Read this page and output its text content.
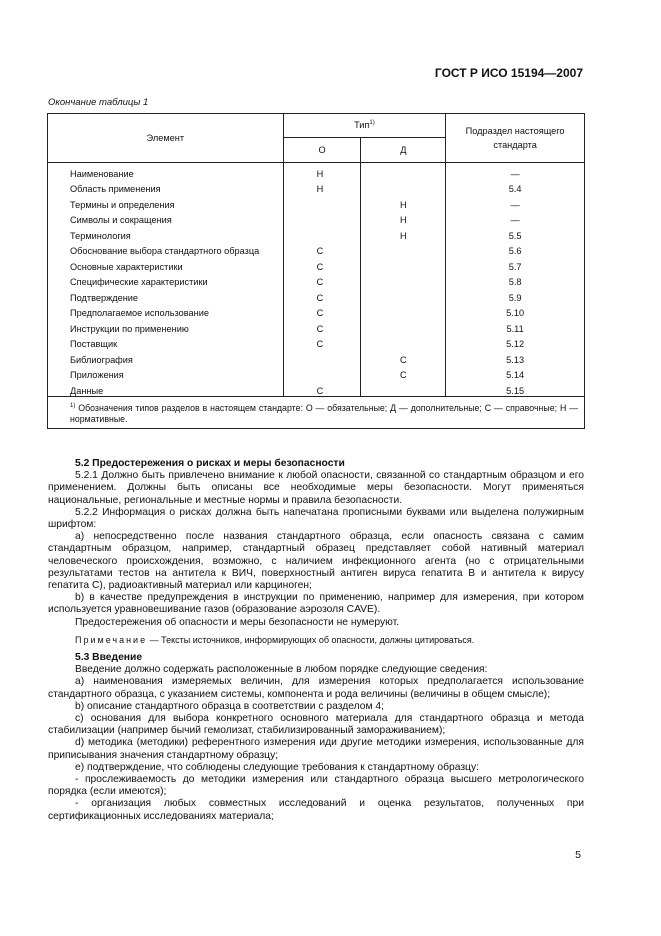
ГОСТ Р ИСО 15194—2007
Окончание таблицы 1
Элемент	Тип$^{1)}$		Подраздел настоящего
стандарта

	О	Д	
Наименование	Н		—
Область применения	Н		5.4
Термины и определения		Н	—
Символы и сокращения		Н	—
Терминология		Н	5.5
Обоснование выбора стандартного образца	С		5.6
Основные характеристики	С		5.7
Специфические характеристики	С		5.8
Подтверждение	С		5.9
Предполагаемое использование	С		5.10
Инструкции по применению	С		5.11
Поставщик	С		5.12
Библиография		С	5.13
Приложения		С	5.14
Данные	С		5.15
$^{1)}$ Обозначения типов разделов в настоящем стандарте: О — обязательные; Д — дополнительные; С — справочные; Н — нормативные.			

5.2 Предостережения о рисках и меры безопасности

5.2.1 Должно быть привлечено внимание к любой опасности, связанной со стандартным образцом и его применением. Должны быть описаны все необходимые меры безопасности. Могут применяться национальные, региональные и местные нормы и правила безопасности.

5.2.2 Информация о рисках должна быть напечатана прописными буквами или выделена полужирным шрифтом:

а) непосредственно после названия стандартного образца, если опасность связана с самим стандартным образцом, например, стандартный образец представляет собой нативный материал человеческого происхождения, возможно, с наличием инфекционного агента (но с отрицательными результатами тестов на антитела к ВИЧ, поверхностный антиген вируса гепатита В и антитела к вирусу гепатита С), радиоактивный материал или карциноген;

b) в качестве предупреждения в инструкции по применению, например для измерения, при котором используется уравновешивание газов (образование аэрозоля CAVE).

Предостережения об опасности и меры безопасности не нумеруют.

Примечание — Тексты источников, информирующих об опасности, должны цитироваться.

5.3 Введение

Введение должно содержать расположенные в любом порядке следующие сведения:

а) наименования измеряемых величин, для измерения которых предполагается использование стандартного образца, с указанием системы, компонента и рода величины (величины в общем смысле);

b) описание стандартного образца в соответствии с разделом 4;

с) основания для выбора конкретного основного материала для стандартного образца и метода стабилизации (например бычий гемолизат, стабилизированный замораживанием);

d) методика (методики) референтного измерения иди другие методики измерения, использованные для приписывания значения стандартному образцу;

е) подтверждение, что соблюдены следующие требования к стандартному образцу:

- прослеживаемость до методики измерения или стандартного образца высшего метрологического порядка (если имеются);

- организация любых совместных исследований и оценка результатов, полученных при сертификационных исследованиях материала;

5
